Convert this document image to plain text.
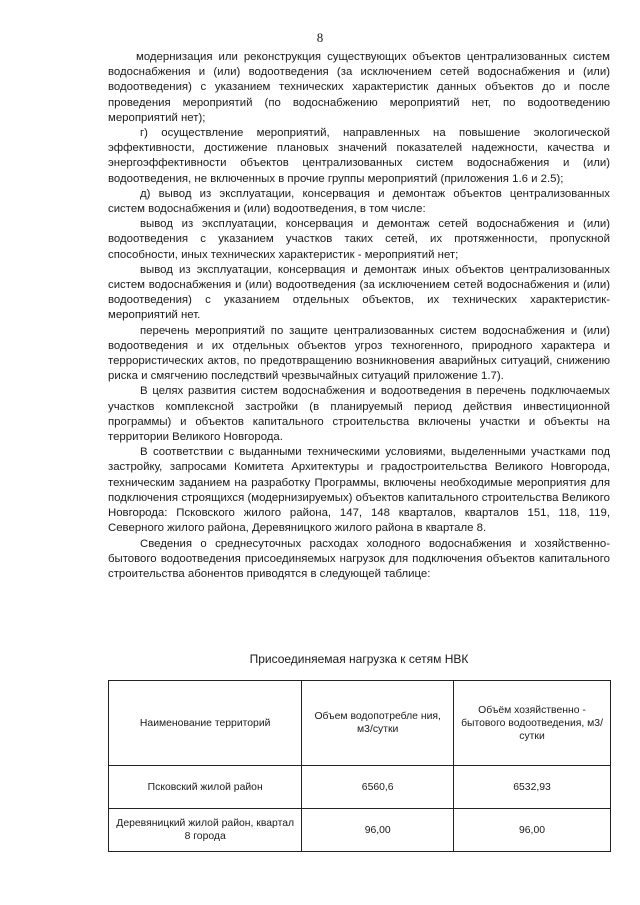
8

модернизация или реконструкция существующих объектов централизованных систем водоснабжения и (или) водоотведения (за исключением сетей водоснабжения и (или) водоотведения) с указанием технических характеристик данных объектов до и после проведения мероприятий (по водоснабжению мероприятий нет, по водоотведению мероприятий нет);

г) осуществление мероприятий, направленных на повышение экологической эффективности, достижение плановых значений показателей надежности, качества и энергоэффективности объектов централизованных систем водоснабжения и (или) водоотведения, не включенных в прочие группы мероприятий (приложения 1.6 и 2.5);

д) вывод из эксплуатации, консервация и демонтаж объектов централизованных систем водоснабжения и (или) водоотведения, в том числе:

вывод из эксплуатации, консервация и демонтаж сетей водоснабжения и (или) водоотведения с указанием участков таких сетей, их протяженности, пропускной способности, иных технических характеристик - мероприятий нет;

вывод из эксплуатации, консервация и демонтаж иных объектов централизованных систем водоснабжения и (или) водоотведения (за исключением сетей водоснабжения и (или) водоотведения) с указанием отдельных объектов, их технических характеристик- мероприятий нет.

перечень мероприятий по защите централизованных систем водоснабжения и (или) водоотведения и их отдельных объектов угроз техногенного, природного характера и террористических актов, по предотвращению возникновения аварийных ситуаций, снижению риска и смягчению последствий чрезвычайных ситуаций приложение 1.7).

В целях развития систем водоснабжения и водоотведения в перечень подключаемых участков комплексной застройки (в планируемый период действия инвестиционной программы) и объектов капитального строительства включены участки и объекты на территории Великого Новгорода.

В соответствии с выданными техническими условиями, выделенными участками под застройку, запросами Комитета Архитектуры и градостроительства Великого Новгорода, техническим заданием на разработку Программы, включены необходимые мероприятия для подключения строящихся (модернизируемых) объектов капитального строительства Великого Новгорода: Псковского жилого района, 147, 148 кварталов, кварталов 151, 118, 119, Северного жилого района, Деревяницкого жилого района в квартале 8.

Сведения о среднесуточных расходах холодного водоснабжения и хозяйственно-бытового водоотведения присоединяемых нагрузок для подключения объектов капитального строительства абонентов приводятся в следующей таблице:

Присоединяемая нагрузка к сетям НВК
Наименование территорий	Объем водопотребле ния, м3/сутки	Объём хозяйственно - бытового водоотведения, м3/сутки
Псковский жилой район	6560,6	6532,93
Деревяницкий жилой район, квартал 8 города	96,00	96,00
